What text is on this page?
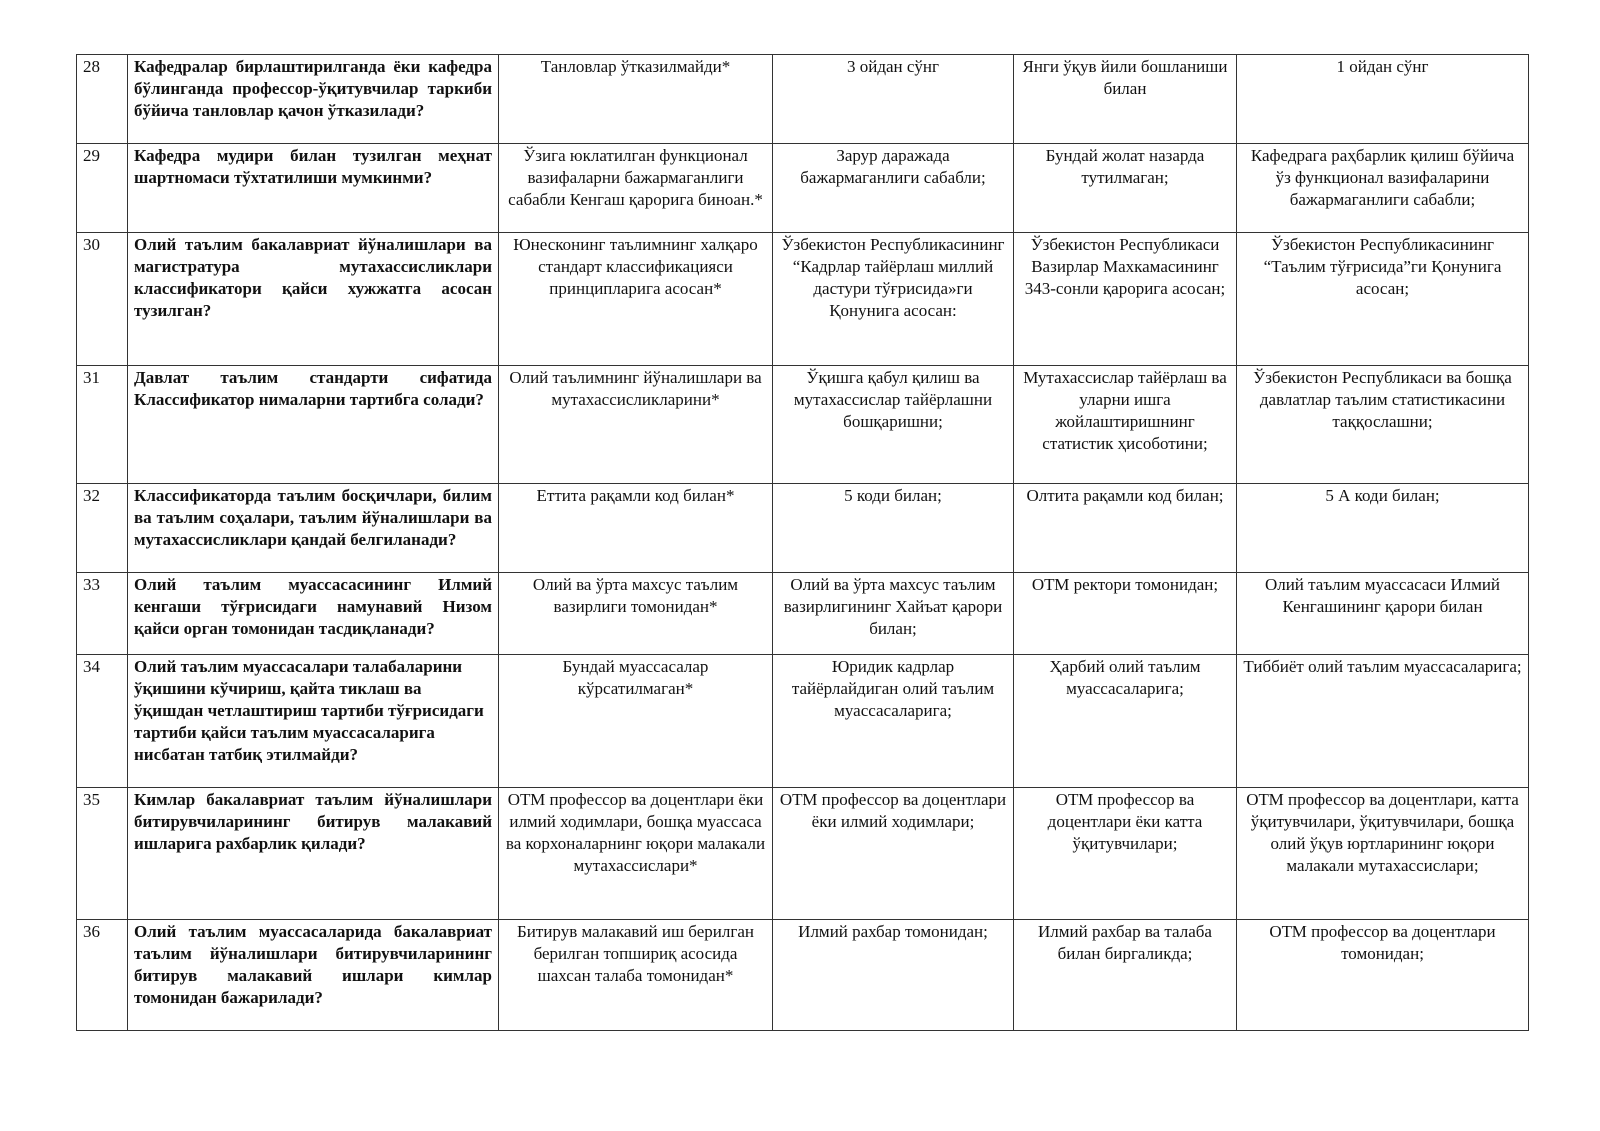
28	Кафедралар бирлаштирилганда ёки кафедра бўлинганда профессор-ўқитувчилар таркиби бўйича танловлар қачон ўтказилади?	Танловлар ўтказилмайди*	3 ойдан сўнг	Янги ўқув йили бошланиши билан	1 ойдан сўнг
29	Кафедра мудири билан тузилган меҳнат шартномаси тўхтатилиши мумкинми?	Ўзига юклатилган функционал вазифаларни бажармаганлиги сабабли Кенгаш қарорига биноан.*	Зарур даражада бажармаганлиги сабабли;	Бундай жолат назарда тутилмаган;	Кафедрага раҳбарлик қилиш бўйича ўз функционал вазифаларини бажармаганлиги сабабли;
30	Олий таълим бакалавриат йўналишлари ва магистратура мутахассисликлари классификатори қайси хужжатга асосан тузилган?	Юнесконинг таълимнинг халқаро стандарт классификацияси принципларига асосан*	Ўзбекистон Республикасининг “Кадрлар тайёрлаш миллий дастури тўғрисида»ги Қонунига асосан:	Ўзбекистон Республикаси Вазирлар Махкамасининг 343-сонли қарорига асосан;	Ўзбекистон Республикасининг “Таълим тўғрисида”ги Қонунига асосан;
31	Давлат таълим стандарти сифатида Классификатор нималарни тартибга солади?	Олий таълимнинг йўналишлари ва мутахассисликларини*	Ўқишга қабул қилиш ва мутахассислар тайёрлашни бошқаришни;	Мутахассислар тайёрлаш ва уларни ишга жойлаштиришнинг статистик ҳисоботини;	Ўзбекистон Республикаси ва бошқа давлатлар таълим статистикасини таққослашни;
32	Классификаторда таълим босқичлари, билим ва таълим соҳалари, таълим йўналишлари ва мутахассисликлари қандай белгиланади?	Еттита рақамли код билан*	5 коди билан;	Олтита рақамли код билан;	5 А коди билан;
33	Олий таълим муассасасининг Илмий кенгаши тўғрисидаги намунавий Низом қайси орган томонидан тасдиқланади?	Олий ва ўрта махсус таълим вазирлиги томонидан*	Олий ва ўрта махсус таълим вазирлигининг Хайъат қарори билан;	ОТМ ректори томонидан;	Олий таълим муассасаси Илмий Кенгашининг қарори билан
34	Олий таълим муассасалари талабаларини ўқишини кўчириш, қайта тиклаш ва ўқишдан четлаштириш тартиби тўғрисидаги тартиби қайси таълим муассасаларига нисбатан татбиқ этилмайди?	Бундай муассасалар кўрсатилмаган*	Юридик кадрлар тайёрлайдиган олий таълим муассасаларига;	Ҳарбий олий таълим муассасаларига;	Тиббиёт олий таълим муассасаларига;
35	Кимлар бакалавриат таълим йўналишлари битирувчиларининг битирув малакавий ишларига рахбарлик қилади?	ОТМ профессор ва доцентлари ёки илмий ходимлари, бошқа муассаса ва корхоналарнинг юқори малакали мутахассислари*	ОТМ профессор ва доцентлари ёки илмий ходимлари;	ОТМ профессор ва доцентлари ёки катта ўқитувчилари;	ОТМ профессор ва доцентлари, катта ўқитувчилари, ўқитувчилари, бошқа олий ўқув юртларининг юқори малакали мутахассислари;
36	Олий таълим муассасаларида бакалавриат таълим йўналишлари битирувчиларининг битирув малакавий ишлари кимлар томонидан бажарилади?	Битирув малакавий иш берилган берилган топшириқ асосида шахсан талаба томонидан*	Илмий рахбар томонидан;	Илмий рахбар ва талаба билан биргаликда;	ОТМ профессор ва доцентлари томонидан;
